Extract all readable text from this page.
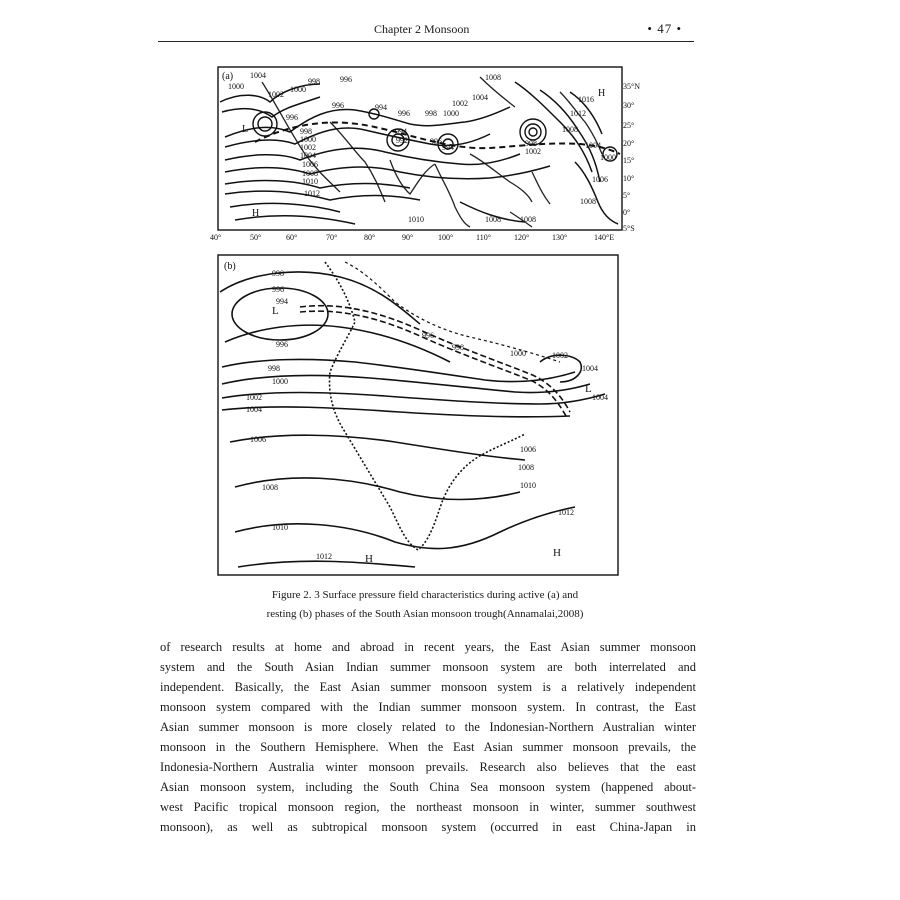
Chapter 2 Monsoon	• 47 •
(a) 1004
1000
1002
998
1000
996
996	994
996 998 1000
1002
1004
1008
1016
1012
1008
1004
1000
1006
1008
996
998
1000
1002
1004
1006
1008
1010
1012
994
992	996
994	998
1002
1010	1008 1008
L
H
H
40°	50°	60°	70°	80°	90°	100°	110°	120°	130°	140°E
35°N
30°
25°
20°
15°
10°
5°
0°
5°S
(b)
998
996
994
996
998
1000
1002
1004
1006
1008
1010
1012
996
998
1000	1002
1004
1004
1006
1008
1010
1012
L
L
H	H
Figure 2. 3 Surface pressure field characteristics during active (a) and
resting (b) phases of the South Asian monsoon trough(Annamalai,2008)
of research results at home and abroad in recent years, the East Asian summer monsoon
system and the South Asian Indian summer monsoon system are both interrelated and
independent. Basically, the East Asian summer monsoon system is a relatively independent
monsoon system compared with the Indian summer monsoon system. In contrast, the East
Asian summer monsoon is more closely related to the Indonesian-Northern Australian winter
monsoon in the Southern Hemisphere. When the East Asian summer monsoon prevails, the
Indonesia-Northern Australia winter monsoon prevails. Research also believes that the east
Asian monsoon system, including the South China Sea monsoon system (happened about-
west Pacific tropical monsoon region, the northeast monsoon in winter, summer southwest
monsoon), as well as subtropical monsoon system (occurred in east China-Japan in
